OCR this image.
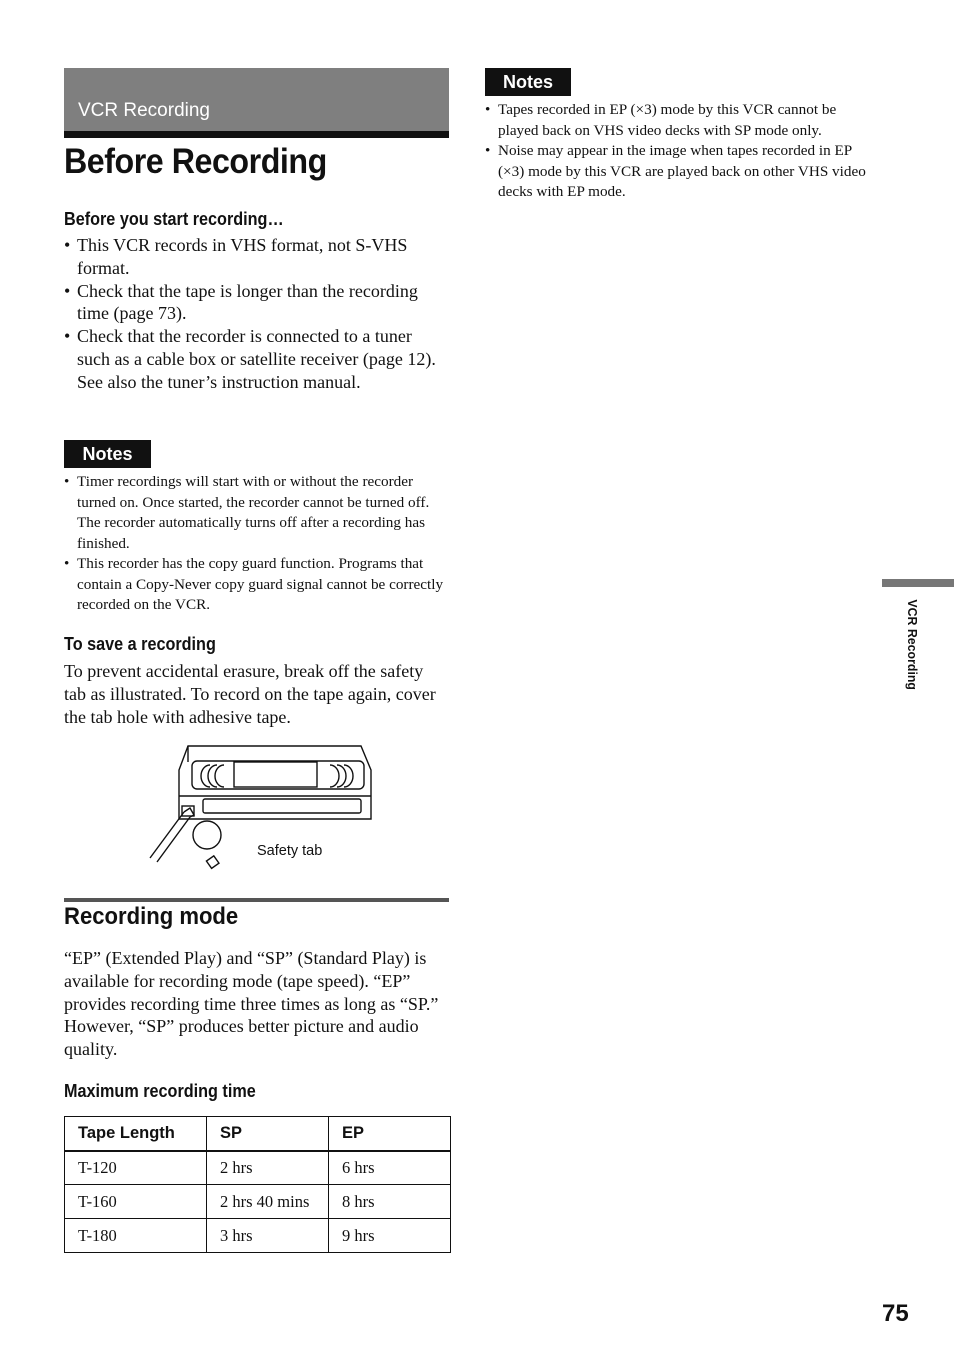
VCR Recording
Before Recording
Before you start recording…
• This VCR records in VHS format, not S-VHS format.
• Check that the tape is longer than the recording time (page 73).
• Check that the recorder is connected to a tuner such as a cable box or satellite receiver (page 12). See also the tuner’s instruction manual.
Notes
• Timer recordings will start with or without the recorder turned on. Once started, the recorder cannot be turned off. The recorder automatically turns off after a recording has finished.
• This recorder has the copy guard function. Programs that contain a Copy-Never copy guard signal cannot be correctly recorded on the VCR.
To save a recording

To prevent accidental erasure, break off the safety tab as illustrated. To record on the tape again, cover the tab hole with adhesive tape.

Safety tab
Recording mode

“EP” (Extended Play) and “SP” (Standard Play) is available for recording mode (tape speed). “EP” provides recording time three times as long as “SP.” However, “SP” produces better picture and audio quality.

Maximum recording time
Tape Length	SP	EP
T-120	2 hrs	6 hrs
T-160	2 hrs 40 mins	8 hrs
T-180	3 hrs	9 hrs
Notes
• Tapes recorded in EP (×3) mode by this VCR cannot be played back on VHS video decks with SP mode only.
• Noise may appear in the image when tapes recorded in EP (×3) mode by this VCR are played back on other VHS video decks with EP mode.
VCR Recording
75
